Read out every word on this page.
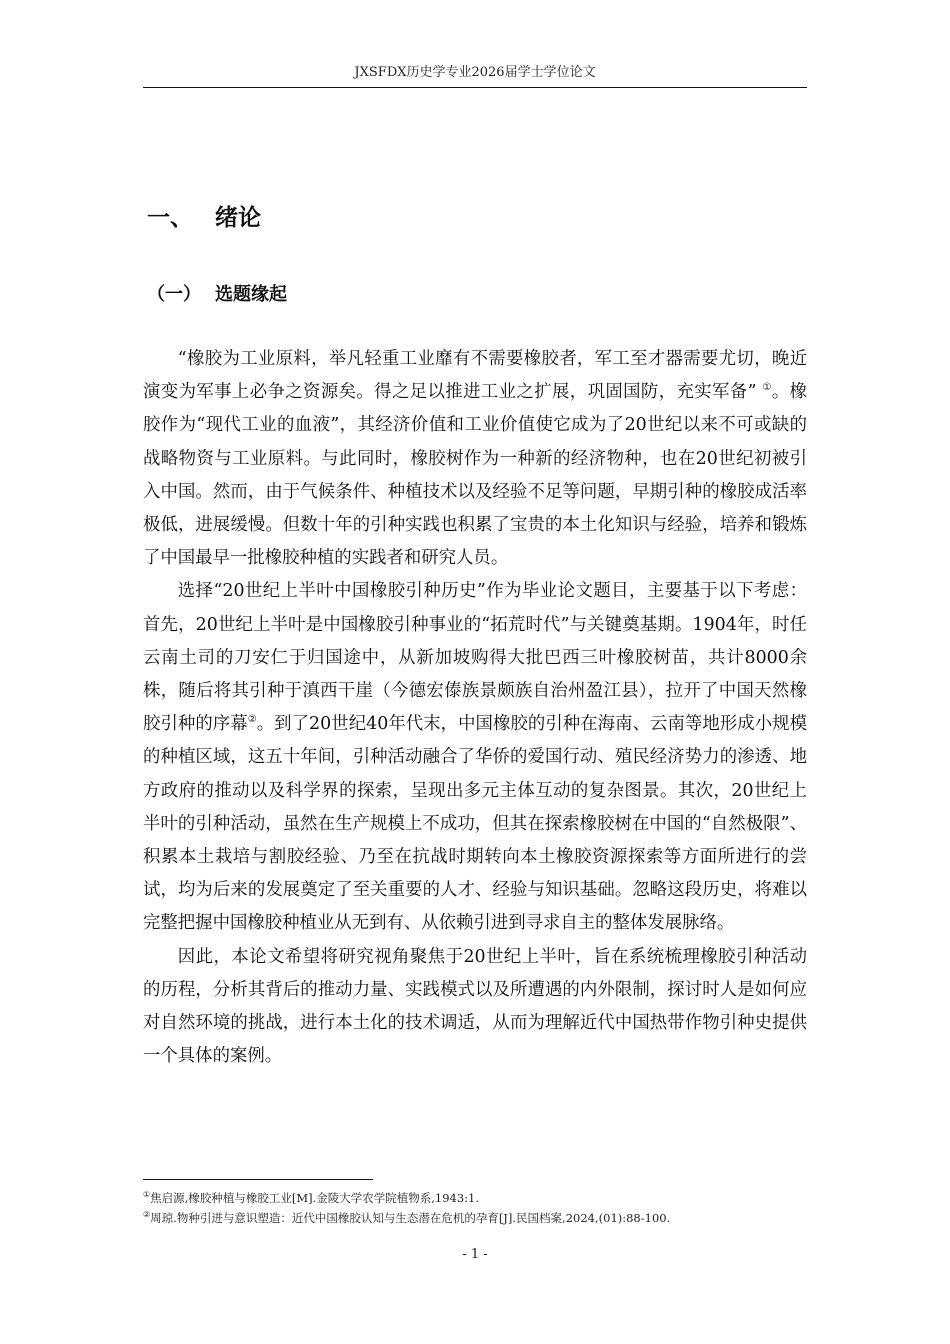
JXSFDX历史学专业2026届学士学位论文
一、 绪论
（一） 选题缘起

“橡胶为工业原料，举凡轻重工业靡有不需要橡胶者，军工至才器需要尤切，晚近演变为军事上必争之资源矣。得之足以推进工业之扩展，巩固国防，充实军备” ①。橡胶作为“现代工业的血液”，其经济价值和工业价值使它成为了20世纪以来不可或缺的战略物资与工业原料。与此同时，橡胶树作为一种新的经济物种，也在20世纪初被引入中国。然而，由于气候条件、种植技术以及经验不足等问题，早期引种的橡胶成活率极低，进展缓慢。但数十年的引种实践也积累了宝贵的本土化知识与经验，培养和锻炼了中国最早一批橡胶种植的实践者和研究人员。

选择“20世纪上半叶中国橡胶引种历史”作为毕业论文题目，主要基于以下考虑：首先，20世纪上半叶是中国橡胶引种事业的“拓荒时代”与关键奠基期。1904年，时任云南土司的刀安仁于归国途中，从新加坡购得大批巴西三叶橡胶树苗，共计8000余株，随后将其引种于滇西干崖（今德宏傣族景颇族自治州盈江县），拉开了中国天然橡胶引种的序幕②。到了20世纪40年代末，中国橡胶的引种在海南、云南等地形成小规模的种植区域，这五十年间，引种活动融合了华侨的爱国行动、殖民经济势力的渗透、地方政府的推动以及科学界的探索，呈现出多元主体互动的复杂图景。其次，20世纪上半叶的引种活动，虽然在生产规模上不成功，但其在探索橡胶树在中国的“自然极限”、积累本土栽培与割胶经验、乃至在抗战时期转向本土橡胶资源探索等方面所进行的尝试，均为后来的发展奠定了至关重要的人才、经验与知识基础。忽略这段历史，将难以完整把握中国橡胶种植业从无到有、从依赖引进到寻求自主的整体发展脉络。

因此，本论文希望将研究视角聚焦于20世纪上半叶，旨在系统梳理橡胶引种活动的历程，分析其背后的推动力量、实践模式以及所遭遇的内外限制，探讨时人是如何应对自然环境的挑战，进行本土化的技术调适，从而为理解近代中国热带作物引种史提供一个具体的案例。

①焦启源,橡胶种植与橡胶工业[M].金陵大学农学院植物系,1943:1.
②周琼.物种引进与意识塑造：近代中国橡胶认知与生态潜在危机的孕育[J].民国档案,2024,(01):88-100.
- 1 -
